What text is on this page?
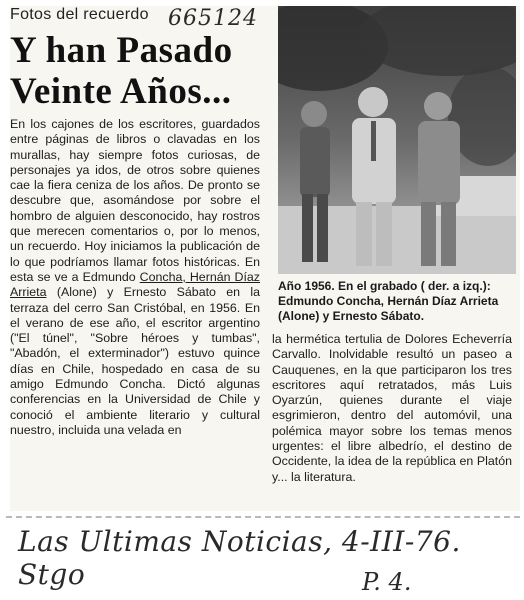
Fotos del recuerdo 665124
Y han Pasado
Veinte Años...

En los cajones de los escritores, guardados entre páginas de libros o clavadas en los murallas, hay siempre fotos curiosas, de personajes ya idos, de otros sobre quienes cae la fiera ceniza de los años. De pronto se descubre que, asomándose por sobre el hombro de alguien desconocido, hay rostros que merecen comentarios o, por lo menos, un recuerdo. Hoy iniciamos la publicación de lo que podríamos llamar fotos históricas. En esta se ve a Edmundo Concha, Hernán Díaz Arrieta (Alone) y Ernesto Sábato en la terraza del cerro San Cristóbal, en 1956. En el verano de ese año, el escritor argentino ("El túnel", "Sobre héroes y tumbas", "Abadón, el exterminador") estuvo quince días en Chile, hospedado en casa de su amigo Edmundo Concha. Dictó algunas conferencias en la Universidad de Chile y conoció el ambiente literario y cultural nuestro, incluida una velada en

Año 1956. En el grabado ( der. a izq.): Edmundo Concha, Hernán Díaz Arrieta (Alone) y Ernesto Sábato.

la hermética tertulia de Dolores Echeverría Carvallo. Inolvidable resultó un paseo a Cauquenes, en la que participaron los tres escritores aquí retratados, más Luis Oyarzún, quienes durante el viaje esgrimieron, dentro del automóvil, una polémica mayor sobre los temas menos urgentes: el libre albedrío, el destino de Occidente, la idea de la república en Platón y... la literatura.

Las Ultimas Noticias, 4-III-76. Stgo	P. 4.
